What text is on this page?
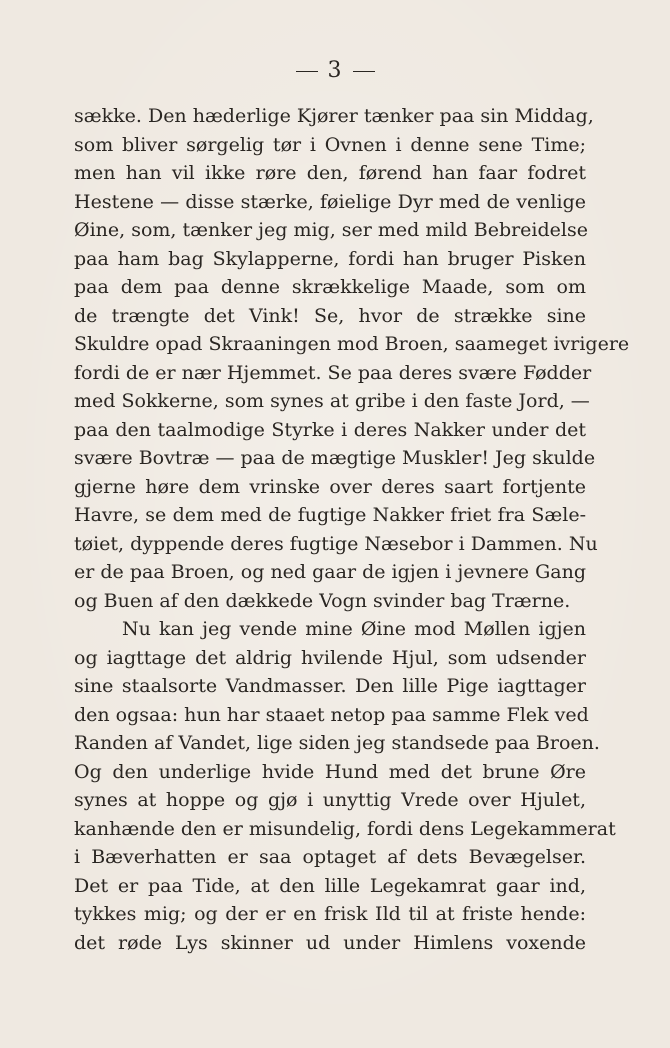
3
sække. Den hæderlige Kjører tænker paa sin Middag,
som bliver sørgelig tør i Ovnen i denne sene Time;
men han vil ikke røre den, førend han faar fodret
Hestene — disse stærke, føielige Dyr med de venlige
Øine, som, tænker jeg mig, ser med mild Bebreidelse
paa ham bag Skylapperne, fordi han bruger Pisken
paa dem paa denne skrækkelige Maade, som om
de trængte det Vink! Se, hvor de strække sine
Skuldre opad Skraaningen mod Broen, saameget ivrigere
fordi de er nær Hjemmet. Se paa deres svære Fødder
med Sokkerne, som synes at gribe i den faste Jord, —
paa den taalmodige Styrke i deres Nakker under det
svære Bovtræ — paa de mægtige Muskler! Jeg skulde
gjerne høre dem vrinske over deres saart fortjente
Havre, se dem med de fugtige Nakker friet fra Sæle-
tøiet, dyppende deres fugtige Næsebor i Dammen. Nu
er de paa Broen, og ned gaar de igjen i jevnere Gang
og Buen af den dækkede Vogn svinder bag Trærne.
Nu kan jeg vende mine Øine mod Møllen igjen
og iagttage det aldrig hvilende Hjul, som udsender
sine staalsorte Vandmasser. Den lille Pige iagttager
den ogsaa: hun har staaet netop paa samme Flek ved
Randen af Vandet, lige siden jeg standsede paa Broen.
Og den underlige hvide Hund med det brune Øre
synes at hoppe og gjø i unyttig Vrede over Hjulet,
kanhænde den er misundelig, fordi dens Legekammerat
i Bæverhatten er saa optaget af dets Bevægelser.
Det er paa Tide, at den lille Legekamrat gaar ind,
tykkes mig; og der er en frisk Ild til at friste hende:
det røde Lys skinner ud under Himlens voxende
